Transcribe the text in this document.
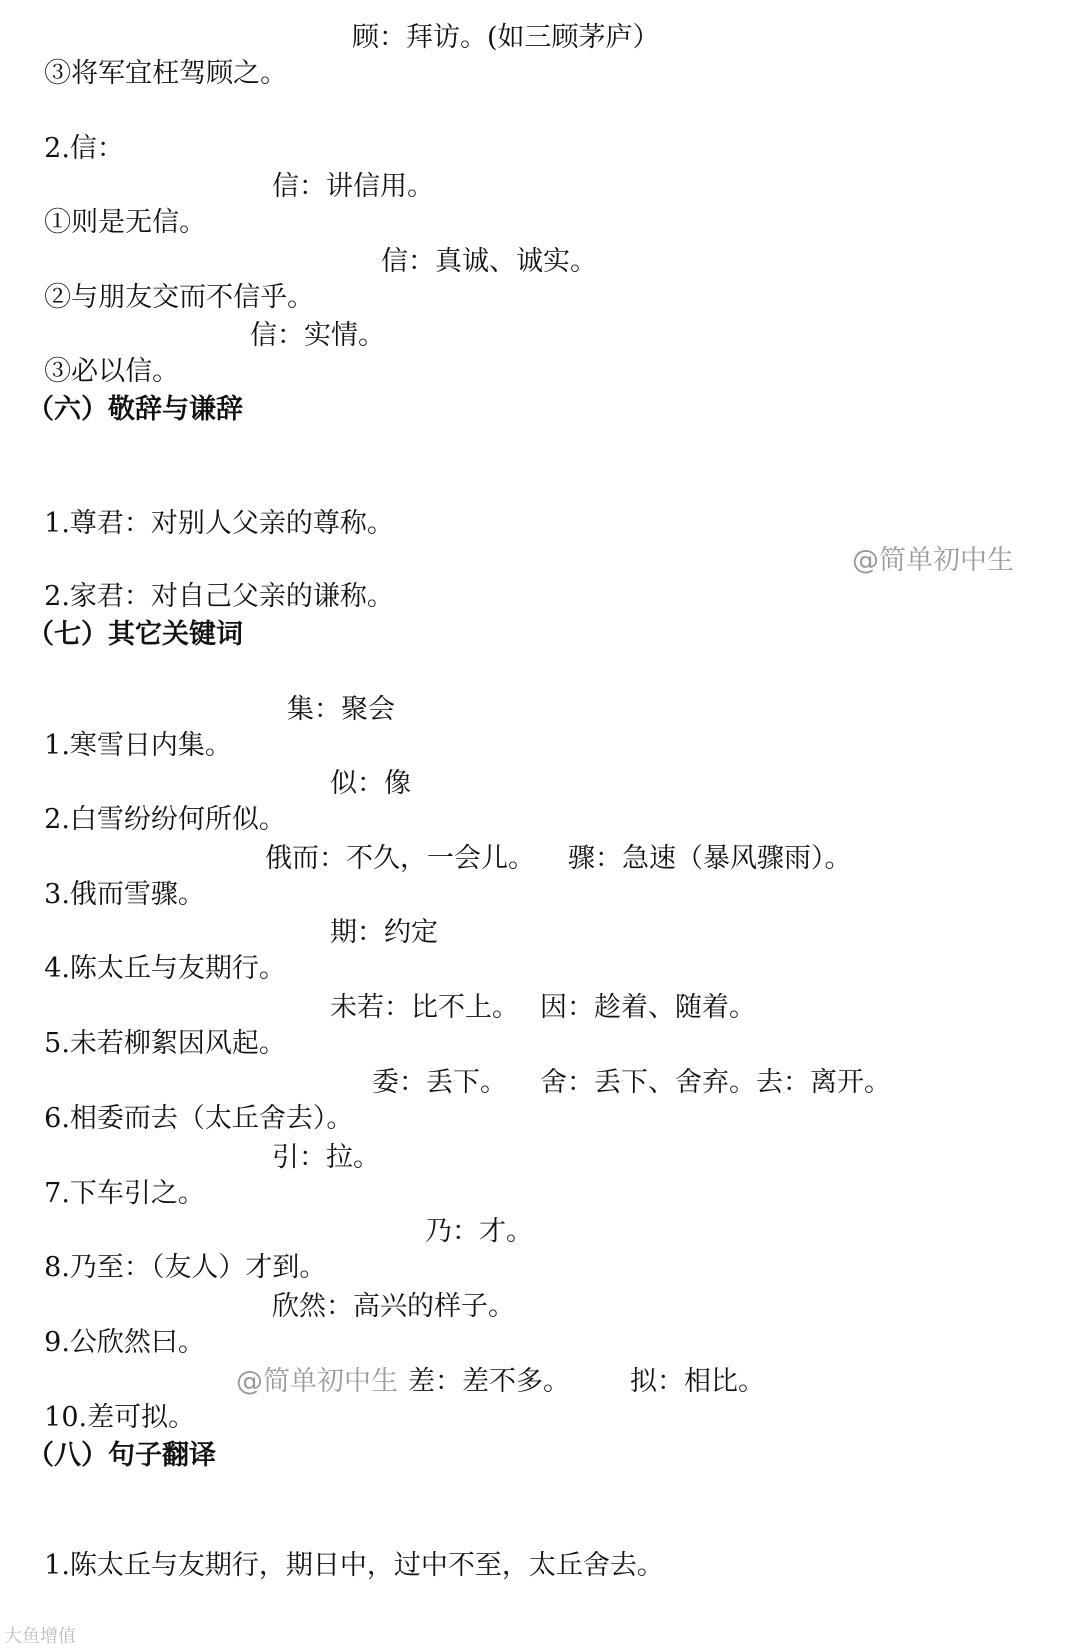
③将军宜枉驾顾之。

顾：拜访。(如三顾茅庐）

2.信：

①则是无信。

信：讲信用。

②与朋友交而不信乎。

信：真诚、诚实。

③必以信。

信：实情。
（六）敬辞与谦辞

1.尊君：对别人父亲的尊称。

2.家君：对自己父亲的谦称。

@简单初中生
（七）其它关键词

1.寒雪日内集。

集：聚会

2.白雪纷纷何所似。

似：像

3.俄而雪骤。

俄而：不久，一会儿。 骤：急速（暴风骤雨）。

4.陈太丘与友期行。

期：约定

5.未若柳絮因风起。

未若：比不上。 因：趁着、随着。

6.相委而去（太丘舍去）。

委：丢下。 舍：丢下、舍弃。去：离开。

7.下车引之。

引：拉。

8.乃至：（友人）才到。

乃：才。

9.公欣然曰。

欣然：高兴的样子。

10.差可拟。

@简单初中生 差：差不多。 拟：相比。
（八）句子翻译

1.陈太丘与友期行，期日中，过中不至，太丘舍去。

大鱼增值
